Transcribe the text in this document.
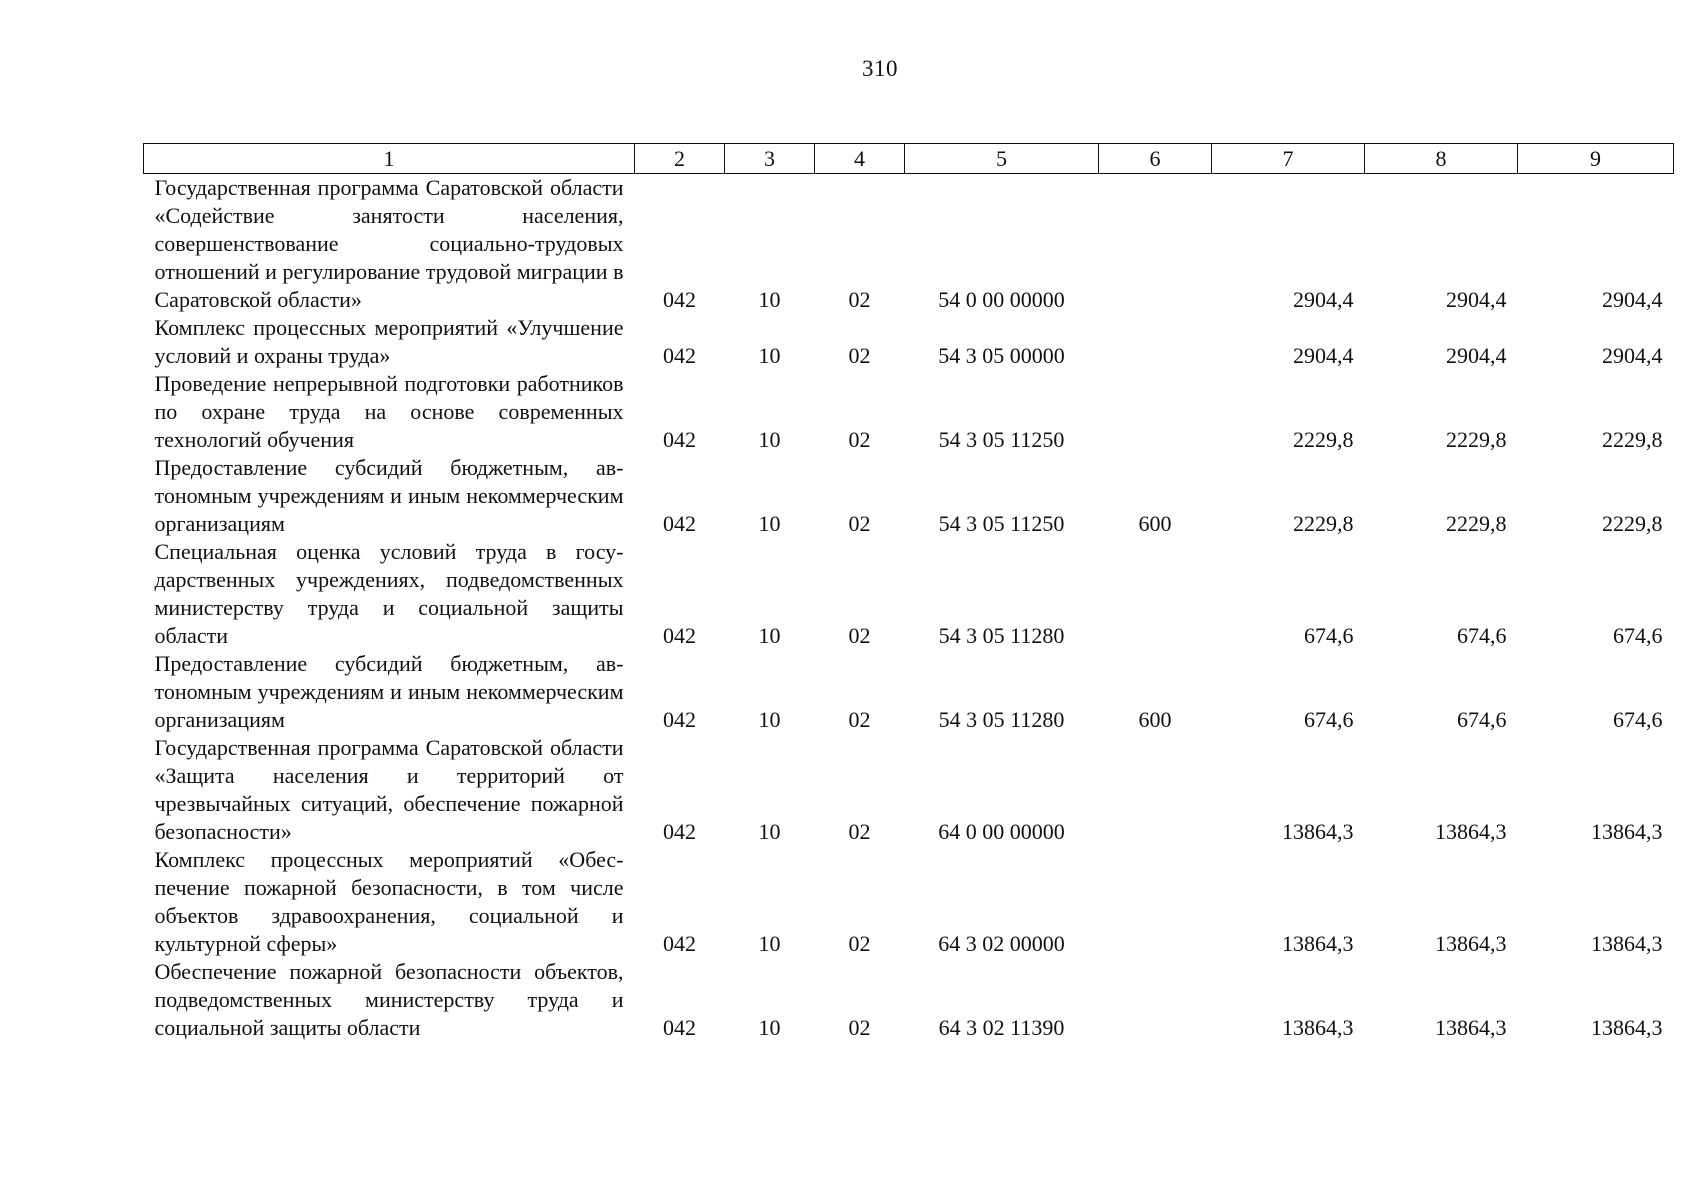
310
1	2	3	4	5	6	7	8	9
Государственная программа Саратовской области «Содействие занятости населения, совершенствование социально-трудовых отношений и регулирование трудовой миграции в Саратовской области»	042	10	02	54 0 00 00000		2904,4	2904,4	2904,4
Комплекс процессных мероприятий «Улучшение условий и охраны труда»	042	10	02	54 3 05 00000		2904,4	2904,4	2904,4
Проведение непрерывной подготовки работников по охране труда на основе современных технологий обучения	042	10	02	54 3 05 11250		2229,8	2229,8	2229,8
Предоставление субсидий бюджетным, автономным учреждениям и иным некоммерческим организациям	042	10	02	54 3 05 11250	600	2229,8	2229,8	2229,8
Специальная оценка условий труда в государственных учреждениях, подведомственных министерству труда и социальной защиты области	042	10	02	54 3 05 11280		674,6	674,6	674,6
Предоставление субсидий бюджетным, автономным учреждениям и иным некоммерческим организациям	042	10	02	54 3 05 11280	600	674,6	674,6	674,6
Государственная программа Саратовской области «Защита населения и территорий от чрезвычайных ситуаций, обеспечение пожарной безопасности»	042	10	02	64 0 00 00000		13864,3	13864,3	13864,3
Комплекс процессных мероприятий «Обеспечение пожарной безопасности, в том числе объектов здравоохранения, социальной и культурной сферы»	042	10	02	64 3 02 00000		13864,3	13864,3	13864,3
Обеспечение пожарной безопасности объектов, подведомственных министерству труда и социальной защиты области	042	10	02	64 3 02 11390		13864,3	13864,3	13864,3
